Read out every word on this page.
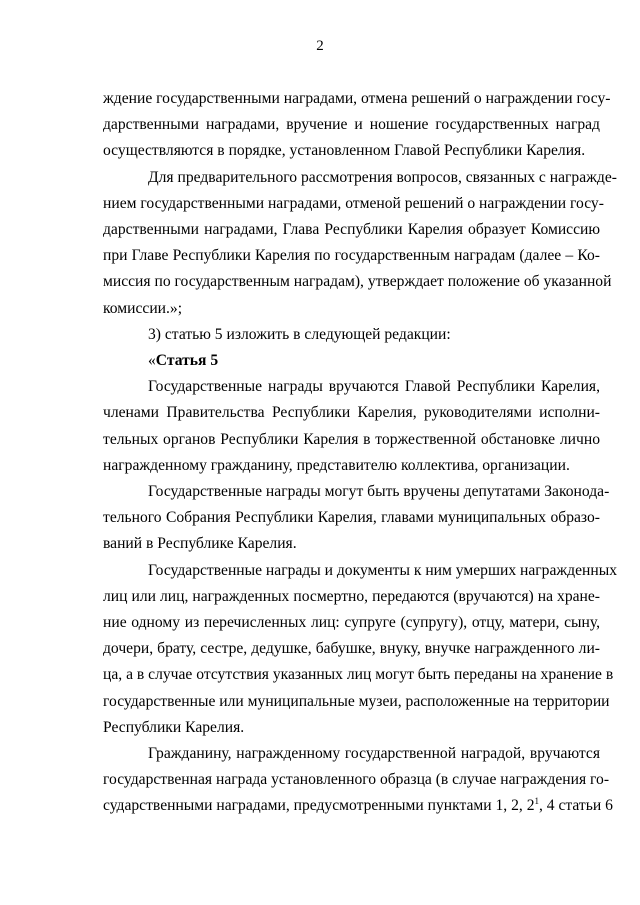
2
ждение государственными наградами, отмена решений о награждении госу-
дарственными наградами, вручение и ношение государственных наград
осуществляются в порядке, установленном Главой Республики Карелия.
Для предварительного рассмотрения вопросов, связанных с награжде-
нием государственными наградами, отменой решений о награждении госу-
дарственными наградами, Глава Республики Карелия образует Комиссию
при Главе Республики Карелия по государственным наградам (далее – Ко-
миссия по государственным наградам), утверждает положение об указанной
комиссии.»;
3) статью 5 изложить в следующей редакции:
«Статья 5
Государственные награды вручаются Главой Республики Карелия,
членами Правительства Республики Карелия, руководителями исполни-
тельных органов Республики Карелия в торжественной обстановке лично
награжденному гражданину, представителю коллектива, организации.
Государственные награды могут быть вручены депутатами Законода-
тельного Собрания Республики Карелия, главами муниципальных образо-
ваний в Республике Карелия.
Государственные награды и документы к ним умерших награжденных
лиц или лиц, награжденных посмертно, передаются (вручаются) на хране-
ние одному из перечисленных лиц: супруге (супругу), отцу, матери, сыну,
дочери, брату, сестре, дедушке, бабушке, внуку, внучке награжденного ли-
ца, а в случае отсутствия указанных лиц могут быть переданы на хранение в
государственные или муниципальные музеи, расположенные на территории
Республики Карелия.
Гражданину, награжденному государственной наградой, вручаются
государственная награда установленного образца (в случае награждения го-
сударственными наградами, предусмотренными пунктами 1, 2, $2^1$, 4 статьи 6
